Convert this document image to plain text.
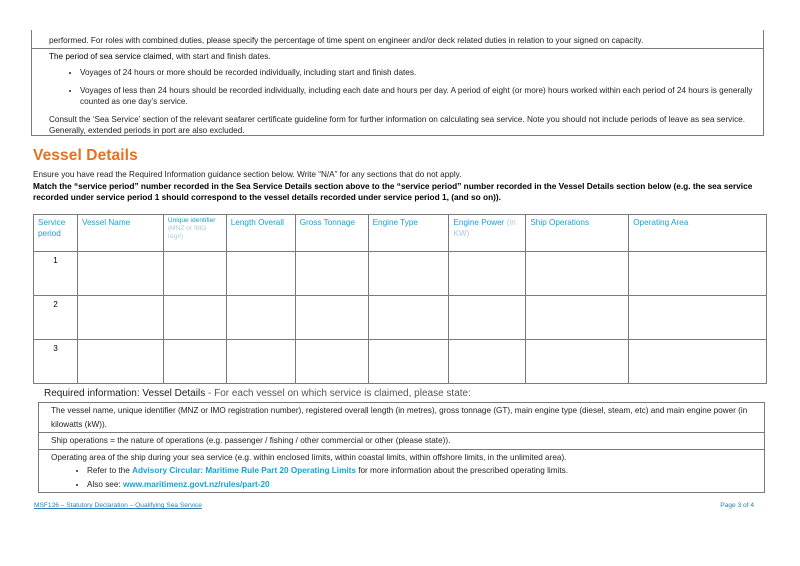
performed. For roles with combined duties, please specify the percentage of time spent on engineer and/or deck related duties in relation to your signed on capacity.
The period of sea service claimed, with start and finish dates.
• Voyages of 24 hours or more should be recorded individually, including start and finish dates.
• Voyages of less than 24 hours should be recorded individually, including each date and hours per day. A period of eight (or more) hours worked within each period of 24 hours is generally counted as one day’s service.
Consult the ‘Sea Service’ section of the relevant seafarer certificate guideline form for further information on calculating sea service. Note you should not include periods of leave as sea service. Generally, extended periods in port are also excluded.
Vessel Details
Ensure you have read the Required Information guidance section below. Write “N/A” for any sections that do not apply.
Match the “service period” number recorded in the Sea Service Details section above to the “service period” number recorded in the Vessel Details section below (e.g. the sea service recorded under service period 1 should correspond to the vessel details recorded under service period 1, (and so on)).
Service period	Vessel Name	Unique identifier (MNZ or IMO reg#)	Length Overall	Gross Tonnage	Engine Type	Engine Power (in KW)	Ship Operations	Operating Area
1								
2								
3								
Required information: Vessel Details - For each vessel on which service is claimed, please state:
The vessel name, unique identifier (MNZ or IMO registration number), registered overall length (in metres), gross tonnage (GT), main engine type (diesel, steam, etc) and main engine power (in kilowatts (kW)).
Ship operations = the nature of operations (e.g. passenger / fishing / other commercial or other (please state)).
Operating area of the ship during your sea service (e.g. within enclosed limits, within coastal limits, within offshore limits, in the unlimited area).
• Refer to the Advisory Circular: Maritime Rule Part 20 Operating Limits for more information about the prescribed operating limits.
• Also see: www.maritimenz.govt.nz/rules/part-20
MSF126 – Statutory Declaration – Qualifying Sea Service	Page 3 of 4
